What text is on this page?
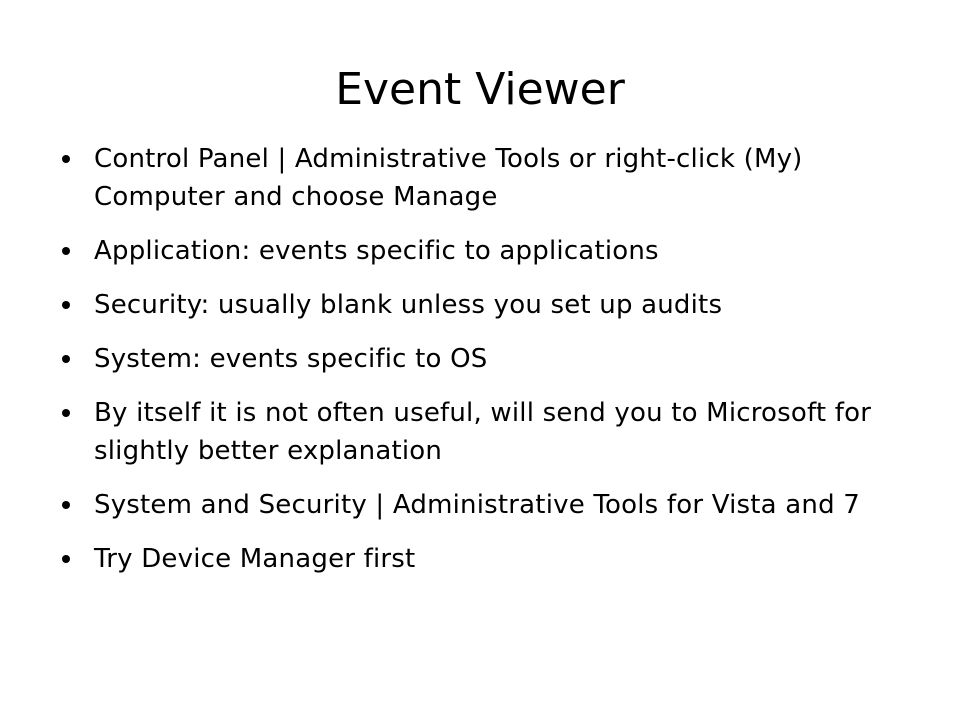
Event Viewer
Control Panel | Administrative Tools or right-click (My) Computer and choose Manage
Application: events specific to applications
Security: usually blank unless you set up audits
System: events specific to OS
By itself it is not often useful, will send you to Microsoft for slightly better explanation
System and Security | Administrative Tools for Vista and 7
Try Device Manager first
